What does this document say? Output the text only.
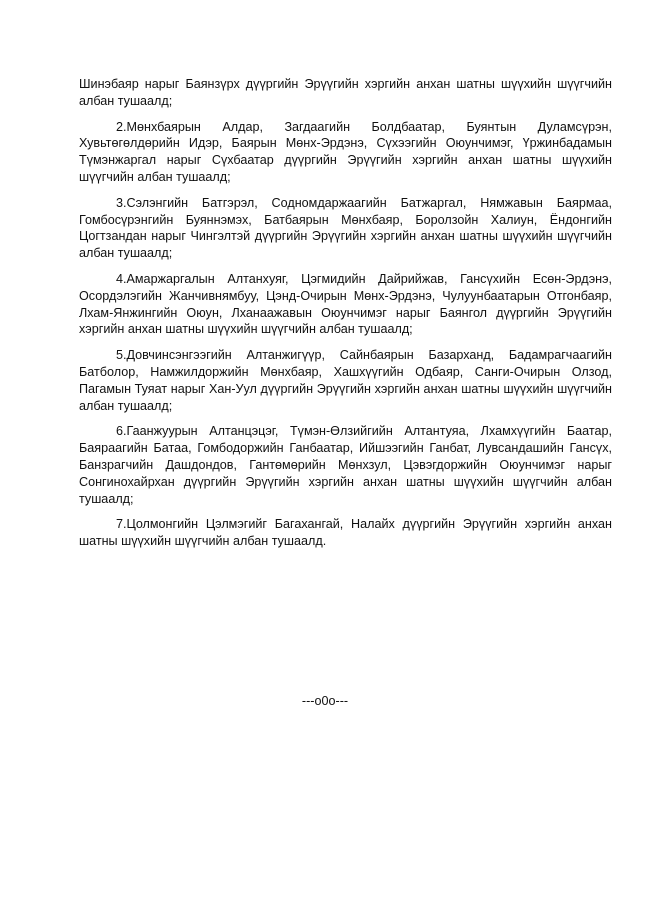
Шинэбаяр нарыг Баянзүрх дүүргийн Эрүүгийн хэргийн анхан шатны шүүхийн шүүгчийн албан тушаалд;

2.Мөнхбаярын Алдар, Загдаагийн Болдбаатар, Буянтын Дуламсүрэн, Хувьтөгөлдөрийн Идэр, Баярын Мөнх-Эрдэнэ, Сүхээгийн Оюунчимэг, Үржинбадамын Түмэнжаргал нарыг Сүхбаатар дүүргийн Эрүүгийн хэргийн анхан шатны шүүхийн шүүгчийн албан тушаалд;

3.Сэлэнгийн Батгэрэл, Содномдаржаагийн Батжаргал, Нямжавын Баярмаа, Гомбосүрэнгийн Буяннэмэх, Батбаярын Мөнхбаяр, Боролзойн Халиун, Ёндонгийн Цогтзандан нарыг Чингэлтэй дүүргийн Эрүүгийн хэргийн анхан шатны шүүхийн шүүгчийн албан тушаалд;

4.Амаржаргалын Алтанхуяг, Цэгмидийн Дайрийжав, Гансүхийн Есөн-Эрдэнэ, Осордэлэгийн Жанчивнямбуу, Цэнд-Очирын Мөнх-Эрдэнэ, Чулуунбаатарын Отгонбаяр, Лхам-Янжингийн Оюун, Лханаажавын Оюунчимэг нарыг Баянгол дүүргийн Эрүүгийн хэргийн анхан шатны шүүхийн шүүгчийн албан тушаалд;

5.Довчинсэнгээгийн Алтанжигүүр, Сайнбаярын Базарханд, Бадамрагчаагийн Батболор, Намжилдоржийн Мөнхбаяр, Хашхүүгийн Одбаяр, Санги-Очирын Олзод, Пагамын Туяат нарыг Хан-Уул дүүргийн Эрүүгийн хэргийн анхан шатны шүүхийн шүүгчийн албан тушаалд;

6.Гаанжуурын Алтанцэцэг, Түмэн-Өлзийгийн Алтантуяа, Лхамхүүгийн Баатар, Баяраагийн Батаа, Гомбодоржийн Ганбаатар, Ийшээгийн Ганбат, Лувсандашийн Гансүх, Банзрагчийн Дашдондов, Гантөмөрийн Мөнхзул, Цэвэгдоржийн Оюунчимэг нарыг Сонгинохайрхан дүүргийн Эрүүгийн хэргийн анхан шатны шүүхийн шүүгчийн албан тушаалд;

7.Цолмонгийн Цэлмэгийг Багахангай, Налайх дүүргийн Эрүүгийн хэргийн анхан шатны шүүхийн шүүгчийн албан тушаалд.

---o0o---
